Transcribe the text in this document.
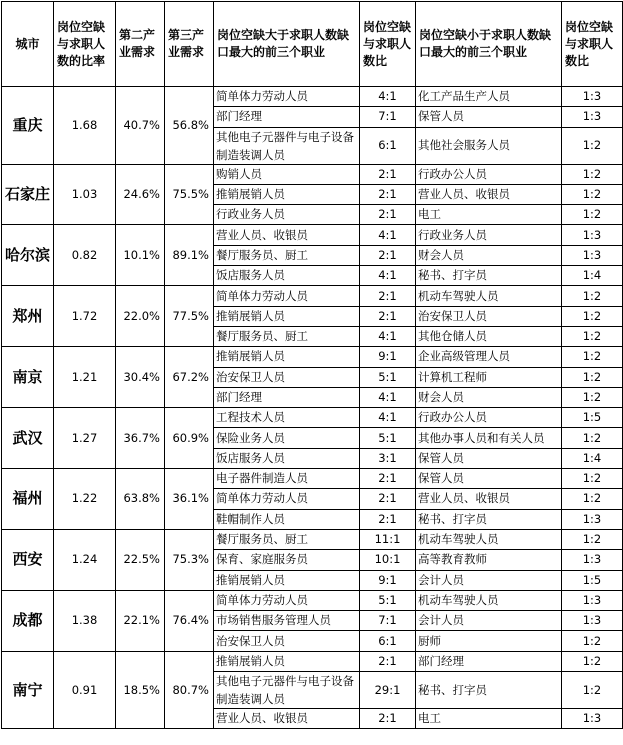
城市	岗位空缺与求职人数的比率	第二产业需求	第三产业需求	岗位空缺大于求职人数缺口最大的前三个职业	岗位空缺与求职人数比	岗位空缺小于求职人数缺口最大的前三个职业	岗位空缺与求职人数比
重庆	1.68	40.7%	56.8%	简单体力劳动人员	4:1	化工产品生产人员	1:3
				部门经理	7:1	保管人员	1:3
				其他电子元器件与电子设备制造装调人员	6:1	其他社会服务人员	1:2
石家庄	1.03	24.6%	75.5%	购销人员	2:1	行政办公人员	1:2
				推销展销人员	2:1	营业人员、收银员	1:2
				行政业务人员	2:1	电工	1:2
哈尔滨	0.82	10.1%	89.1%	营业人员、收银员	4:1	行政业务人员	1:3
				餐厅服务员、厨工	2:1	财会人员	1:3
				饭店服务人员	4:1	秘书、打字员	1:4
郑州	1.72	22.0%	77.5%	简单体力劳动人员	2:1	机动车驾驶人员	1:2
				推销展销人员	2:1	治安保卫人员	1:2
				餐厅服务员、厨工	4:1	其他仓储人员	1:2
南京	1.21	30.4%	67.2%	推销展销人员	9:1	企业高级管理人员	1:2
				治安保卫人员	5:1	计算机工程师	1:2
				部门经理	4:1	财会人员	1:2
武汉	1.27	36.7%	60.9%	工程技术人员	4:1	行政办公人员	1:5
				保险业务人员	5:1	其他办事人员和有关人员	1:2
				饭店服务人员	3:1	保管人员	1:4
福州	1.22	63.8%	36.1%	电子器件制造人员	2:1	保管人员	1:2
				简单体力劳动人员	2:1	营业人员、收银员	1:2
				鞋帽制作人员	2:1	秘书、打字员	1:3
西安	1.24	22.5%	75.3%	餐厅服务员、厨工	11:1	机动车驾驶人员	1:2
				保育、家庭服务员	10:1	高等教育教师	1:3
				推销展销人员	9:1	会计人员	1:5
成都	1.38	22.1%	76.4%	简单体力劳动人员	5:1	机动车驾驶人员	1:3
				市场销售服务管理人员	7:1	会计人员	1:3
				治安保卫人员	6:1	厨师	1:2
南宁	0.91	18.5%	80.7%	推销展销人员	2:1	部门经理	1:2
				其他电子元器件与电子设备制造装调人员	29:1	秘书、打字员	1:2
				营业人员、收银员	2:1	电工	1:3
